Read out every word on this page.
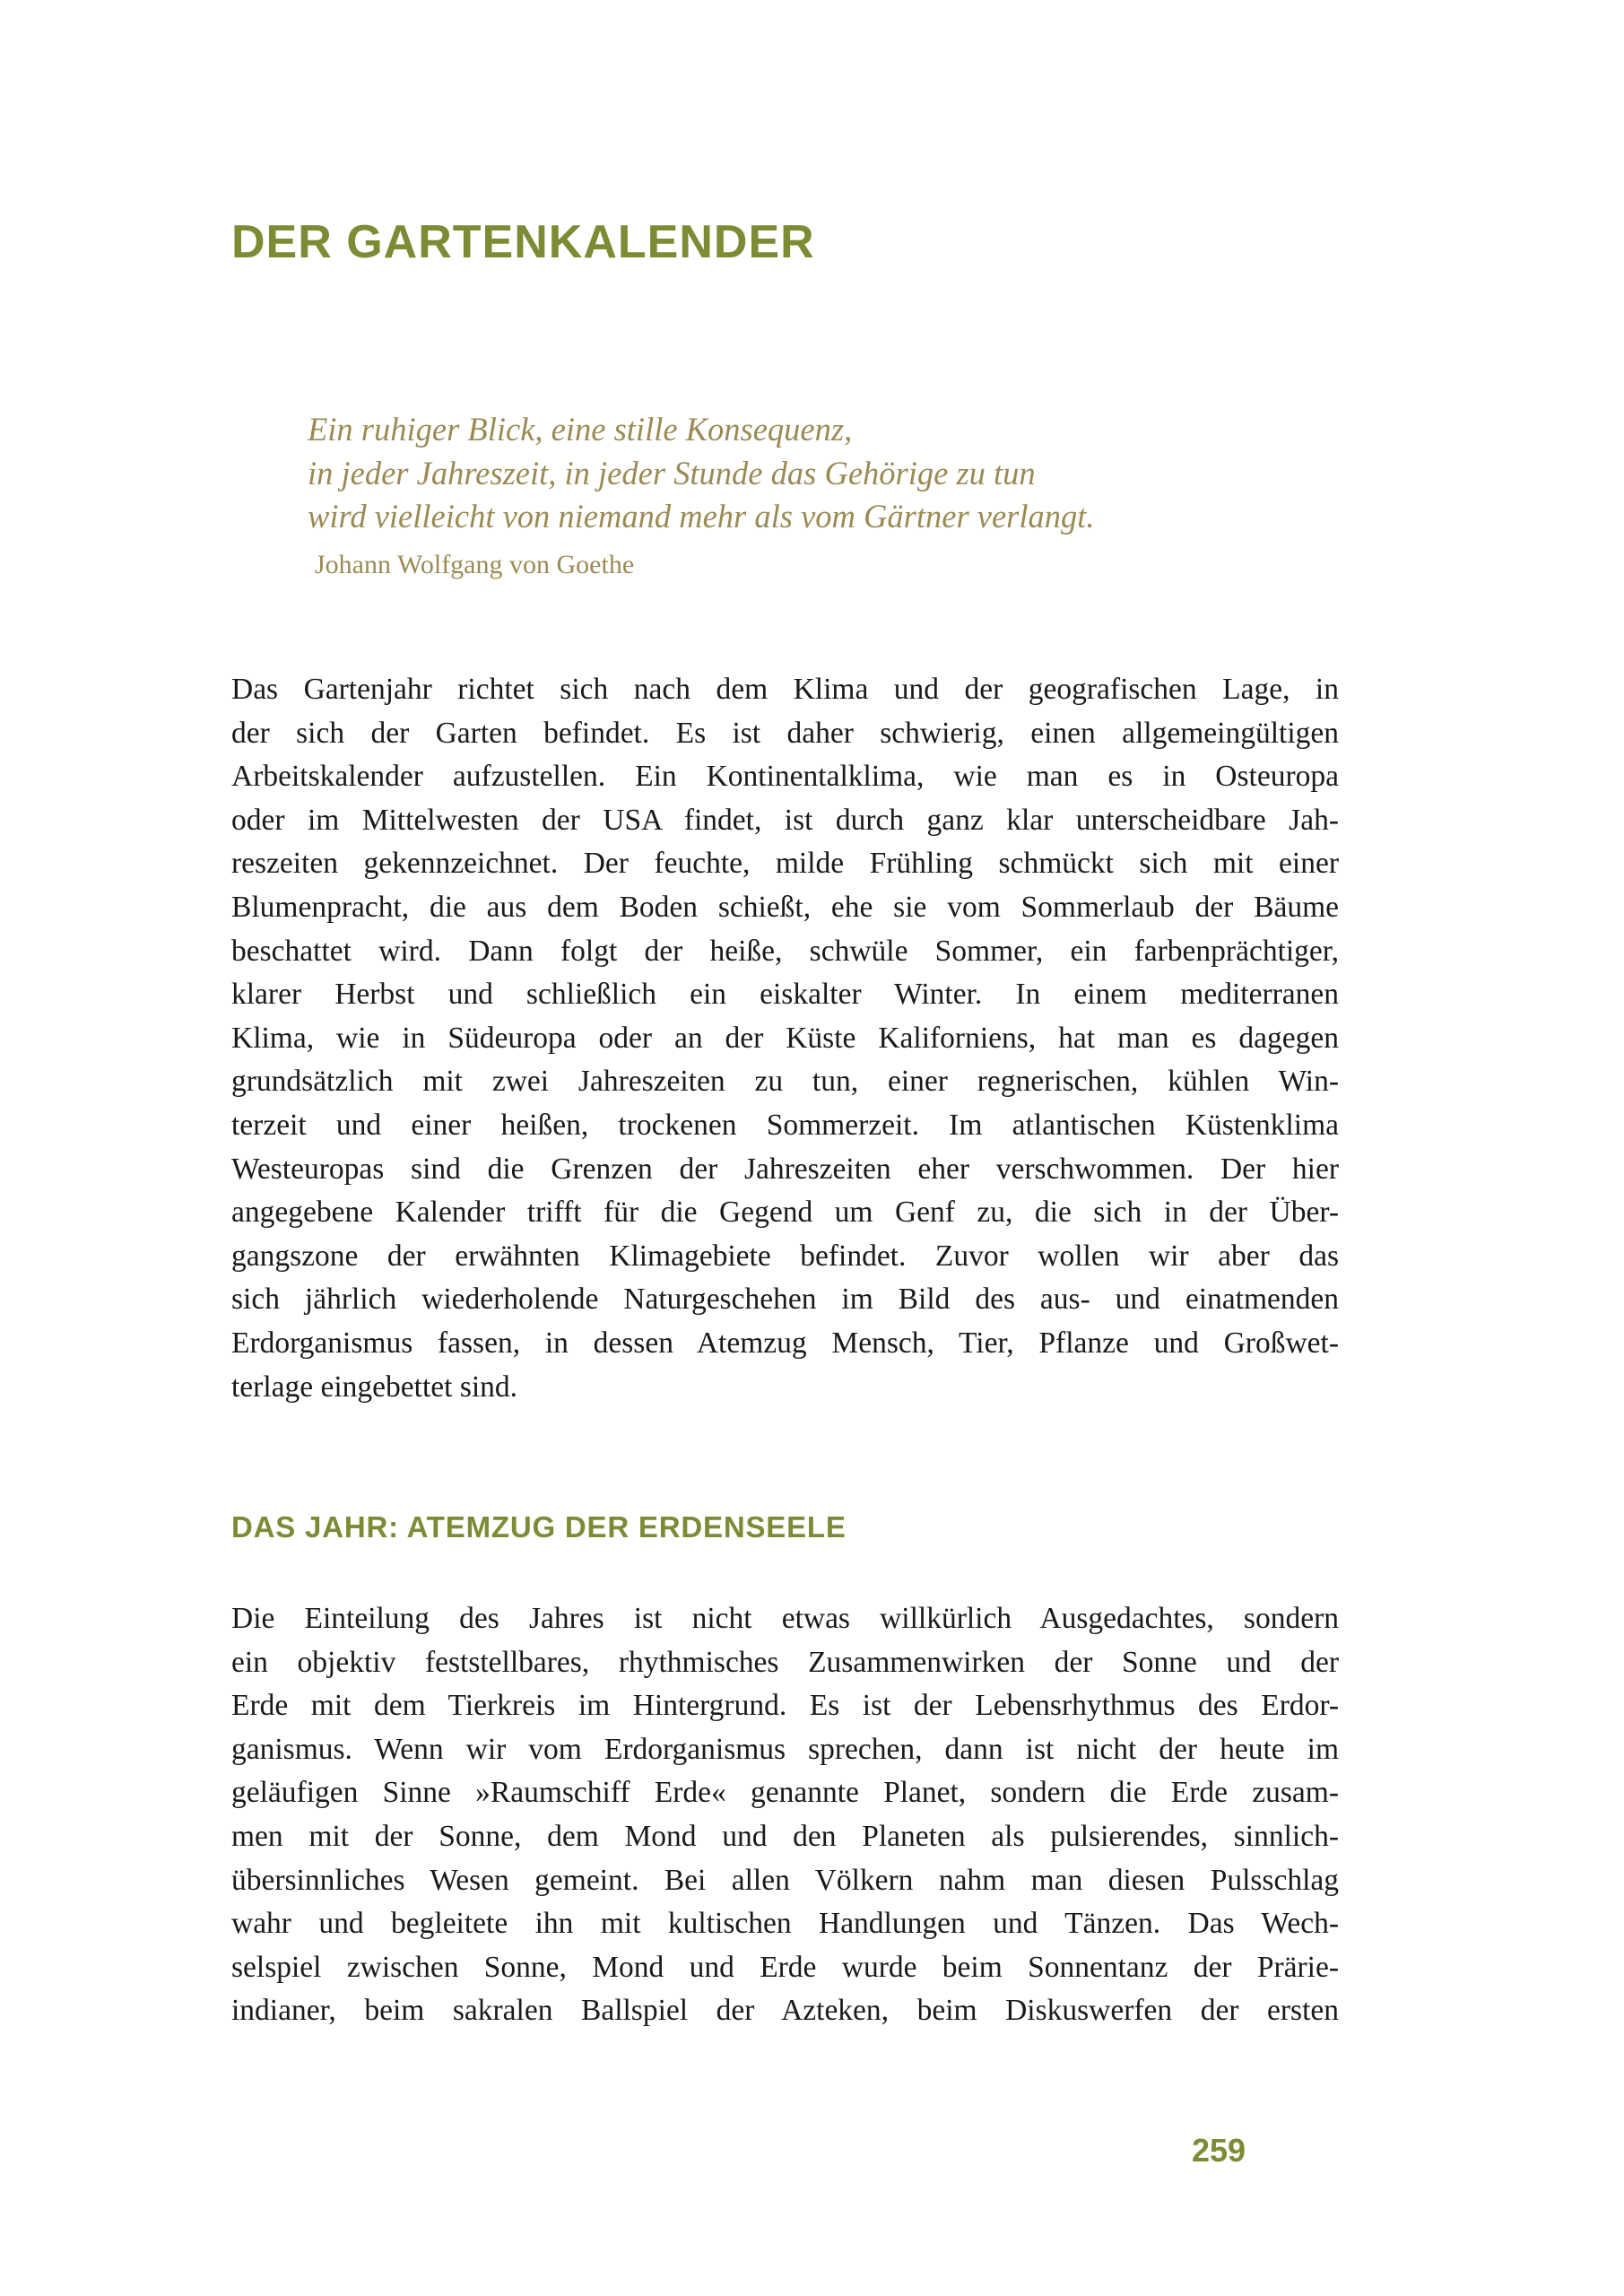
DER GARTENKALENDER

Ein ruhiger Blick, eine stille Konsequenz,

in jeder Jahreszeit, in jeder Stunde das Gehörige zu tun

wird vielleicht von niemand mehr als vom Gärtner verlangt.

Johann Wolfgang von Goethe
Das Gartenjahr richtet sich nach dem Klima und der geografischen Lage, in
der sich der Garten befindet. Es ist daher schwierig, einen allgemeingültigen
Arbeitskalender aufzustellen. Ein Kontinentalklima, wie man es in Osteuropa
oder im Mittelwesten der USA findet, ist durch ganz klar unterscheidbare Jah-
reszeiten gekennzeichnet. Der feuchte, milde Frühling schmückt sich mit einer
Blumenpracht, die aus dem Boden schießt, ehe sie vom Sommerlaub der Bäume
beschattet wird. Dann folgt der heiße, schwüle Sommer, ein farbenprächtiger,
klarer Herbst und schließlich ein eiskalter Winter. In einem mediterranen
Klima, wie in Südeuropa oder an der Küste Kaliforniens, hat man es dagegen
grundsätzlich mit zwei Jahreszeiten zu tun, einer regnerischen, kühlen Win-
terzeit und einer heißen, trockenen Sommerzeit. Im atlantischen Küstenklima
Westeuropas sind die Grenzen der Jahreszeiten eher verschwommen. Der hier
angegebene Kalender trifft für die Gegend um Genf zu, die sich in der Über-
gangszone der erwähnten Klimagebiete befindet. Zuvor wollen wir aber das
sich jährlich wiederholende Naturgeschehen im Bild des aus- und einatmenden
Erdorganismus fassen, in dessen Atemzug Mensch, Tier, Pflanze und Großwet-
terlage eingebettet sind.
DAS JAHR: ATEMZUG DER ERDENSEELE
Die Einteilung des Jahres ist nicht etwas willkürlich Ausgedachtes, sondern
ein objektiv feststellbares, rhythmisches Zusammenwirken der Sonne und der
Erde mit dem Tierkreis im Hintergrund. Es ist der Lebensrhythmus des Erdor-
ganismus. Wenn wir vom Erdorganismus sprechen, dann ist nicht der heute im
geläufigen Sinne »Raumschiff Erde« genannte Planet, sondern die Erde zusam-
men mit der Sonne, dem Mond und den Planeten als pulsierendes, sinnlich-
übersinnliches Wesen gemeint. Bei allen Völkern nahm man diesen Pulsschlag
wahr und begleitete ihn mit kultischen Handlungen und Tänzen. Das Wech-
selspiel zwischen Sonne, Mond und Erde wurde beim Sonnentanz der Prärie-
indianer, beim sakralen Ballspiel der Azteken, beim Diskuswerfen der ersten
259
